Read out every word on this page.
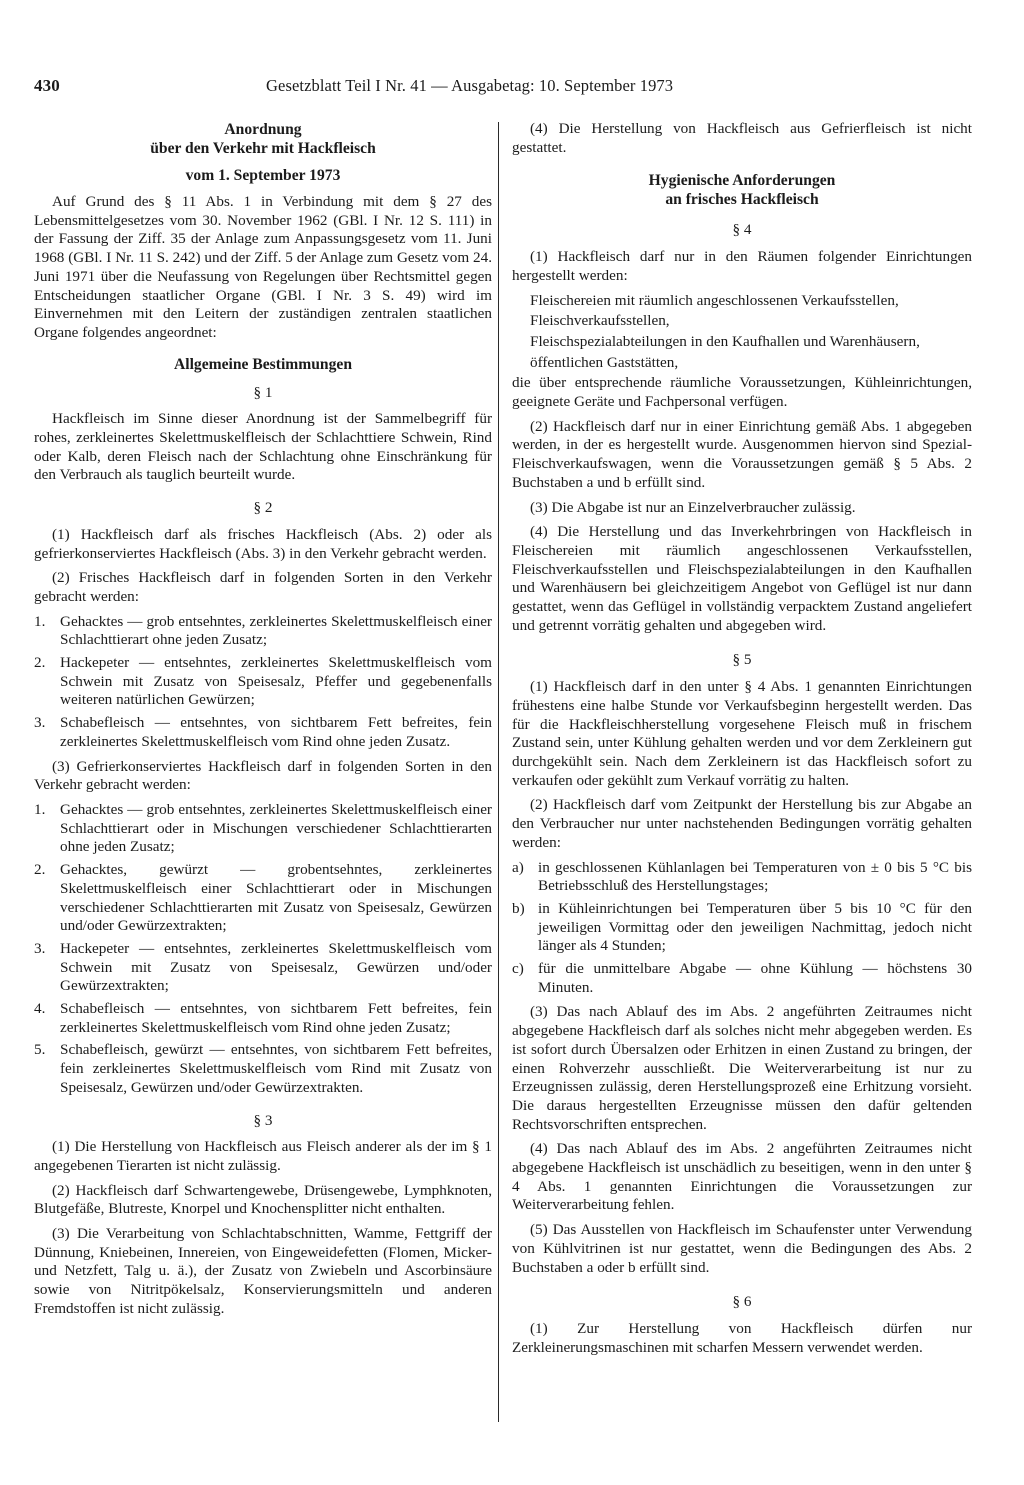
430	Gesetzblatt Teil I Nr. 41 — Ausgabetag: 10. September 1973
Anordnung
über den Verkehr mit Hackfleisch
vom 1. September 1973

Auf Grund des § 11 Abs. 1 in Verbindung mit dem § 27 des Lebensmittelgesetzes vom 30. November 1962 (GBl. I Nr. 12 S. 111) in der Fassung der Ziff. 35 der Anlage zum Anpassungsgesetz vom 11. Juni 1968 (GBl. I Nr. 11 S. 242) und der Ziff. 5 der Anlage zum Gesetz vom 24. Juni 1971 über die Neufassung von Regelungen über Rechtsmittel gegen Entscheidungen staatlicher Organe (GBl. I Nr. 3 S. 49) wird im Einvernehmen mit den Leitern der zuständigen zentralen staatlichen Organe folgendes angeordnet:

Allgemeine Bestimmungen
§ 1

Hackfleisch im Sinne dieser Anordnung ist der Sammelbegriff für rohes, zerkleinertes Skelettmuskelfleisch der Schlachttiere Schwein, Rind oder Kalb, deren Fleisch nach der Schlachtung ohne Einschränkung für den Verbrauch als tauglich beurteilt wurde.

§ 2

(1) Hackfleisch darf als frisches Hackfleisch (Abs. 2) oder als gefrierkonserviertes Hackfleisch (Abs. 3) in den Verkehr gebracht werden.

(2) Frisches Hackfleisch darf in folgenden Sorten in den Verkehr gebracht werden:

1. Gehacktes — grob entsehntes, zerkleinertes Skelettmuskelfleisch einer Schlachttierart ohne jeden Zusatz;
2. Hackepeter — entsehntes, zerkleinertes Skelettmuskelfleisch vom Schwein mit Zusatz von Speisesalz, Pfeffer und gegebenenfalls weiteren natürlichen Gewürzen;
3. Schabefleisch — entsehntes, von sichtbarem Fett befreites, fein zerkleinertes Skelettmuskelfleisch vom Rind ohne jeden Zusatz.

(3) Gefrierkonserviertes Hackfleisch darf in folgenden Sorten in den Verkehr gebracht werden:

1. Gehacktes — grob entsehntes, zerkleinertes Skelettmuskelfleisch einer Schlachttierart oder in Mischungen verschiedener Schlachttierarten ohne jeden Zusatz;
2. Gehacktes, gewürzt — grobentsehntes, zerkleinertes Skelettmuskelfleisch einer Schlachttierart oder in Mischungen verschiedener Schlachttierarten mit Zusatz von Speisesalz, Gewürzen und/oder Gewürzextrakten;
3. Hackepeter — entsehntes, zerkleinertes Skelettmuskelfleisch vom Schwein mit Zusatz von Speisesalz, Gewürzen und/oder Gewürzextrakten;
4. Schabefleisch — entsehntes, von sichtbarem Fett befreites, fein zerkleinertes Skelettmuskelfleisch vom Rind ohne jeden Zusatz;
5. Schabefleisch, gewürzt — entsehntes, von sichtbarem Fett befreites, fein zerkleinertes Skelettmuskelfleisch vom Rind mit Zusatz von Speisesalz, Gewürzen und/oder Gewürzextrakten.
§ 3

(1) Die Herstellung von Hackfleisch aus Fleisch anderer als der im § 1 angegebenen Tierarten ist nicht zulässig.

(2) Hackfleisch darf Schwartengewebe, Drüsengewebe, Lymphknoten, Blutgefäße, Blutreste, Knorpel und Knochensplitter nicht enthalten.

(3) Die Verarbeitung von Schlachtabschnitten, Wamme, Fettgriff der Dünnung, Kniebeinen, Innereien, von Eingeweidefetten (Flomen, Micker- und Netzfett, Talg u. ä.), der Zusatz von Zwiebeln und Ascorbinsäure sowie von Nitritpökelsalz, Konservierungsmitteln und anderen Fremdstoffen ist nicht zulässig.

(4) Die Herstellung von Hackfleisch aus Gefrierfleisch ist nicht gestattet.

Hygienische Anforderungen
an frisches Hackfleisch
§ 4

(1) Hackfleisch darf nur in den Räumen folgender Einrichtungen hergestellt werden:

Fleischereien mit räumlich angeschlossenen Verkaufsstellen,
Fleischverkaufsstellen,
Fleischspezialabteilungen in den Kaufhallen und Warenhäusern,
öffentlichen Gaststätten,

die über entsprechende räumliche Voraussetzungen, Kühleinrichtungen, geeignete Geräte und Fachpersonal verfügen.

(2) Hackfleisch darf nur in einer Einrichtung gemäß Abs. 1 abgegeben werden, in der es hergestellt wurde. Ausgenommen hiervon sind Spezial-Fleischverkaufswagen, wenn die Voraussetzungen gemäß § 5 Abs. 2 Buchstaben a und b erfüllt sind.

(3) Die Abgabe ist nur an Einzelverbraucher zulässig.

(4) Die Herstellung und das Inverkehrbringen von Hackfleisch in Fleischereien mit räumlich angeschlossenen Verkaufsstellen, Fleischverkaufsstellen und Fleischspezialabteilungen in den Kaufhallen und Warenhäusern bei gleichzeitigem Angebot von Geflügel ist nur dann gestattet, wenn das Geflügel in vollständig verpacktem Zustand angeliefert und getrennt vorrätig gehalten und abgegeben wird.

§ 5

(1) Hackfleisch darf in den unter § 4 Abs. 1 genannten Einrichtungen frühestens eine halbe Stunde vor Verkaufsbeginn hergestellt werden. Das für die Hackfleischherstellung vorgesehene Fleisch muß in frischem Zustand sein, unter Kühlung gehalten werden und vor dem Zerkleinern gut durchgekühlt sein. Nach dem Zerkleinern ist das Hackfleisch sofort zu verkaufen oder gekühlt zum Verkauf vorrätig zu halten.

(2) Hackfleisch darf vom Zeitpunkt der Herstellung bis zur Abgabe an den Verbraucher nur unter nachstehenden Bedingungen vorrätig gehalten werden:

a) in geschlossenen Kühlanlagen bei Temperaturen von ± 0 bis 5 °C bis Betriebsschluß des Herstellungstages;
b) in Kühleinrichtungen bei Temperaturen über 5 bis 10 °C für den jeweiligen Vormittag oder den jeweiligen Nachmittag, jedoch nicht länger als 4 Stunden;
c) für die unmittelbare Abgabe — ohne Kühlung — höchstens 30 Minuten.

(3) Das nach Ablauf des im Abs. 2 angeführten Zeitraumes nicht abgegebene Hackfleisch darf als solches nicht mehr abgegeben werden. Es ist sofort durch Übersalzen oder Erhitzen in einen Zustand zu bringen, der einen Rohverzehr ausschließt. Die Weiterverarbeitung ist nur zu Erzeugnissen zulässig, deren Herstellungsprozeß eine Erhitzung vorsieht. Die daraus hergestellten Erzeugnisse müssen den dafür geltenden Rechtsvorschriften entsprechen.

(4) Das nach Ablauf des im Abs. 2 angeführten Zeitraumes nicht abgegebene Hackfleisch ist unschädlich zu beseitigen, wenn in den unter § 4 Abs. 1 genannten Einrichtungen die Voraussetzungen zur Weiterverarbeitung fehlen.

(5) Das Ausstellen von Hackfleisch im Schaufenster unter Verwendung von Kühlvitrinen ist nur gestattet, wenn die Bedingungen des Abs. 2 Buchstaben a oder b erfüllt sind.

§ 6

(1) Zur Herstellung von Hackfleisch dürfen nur Zerkleinerungsmaschinen mit scharfen Messern verwendet werden.
